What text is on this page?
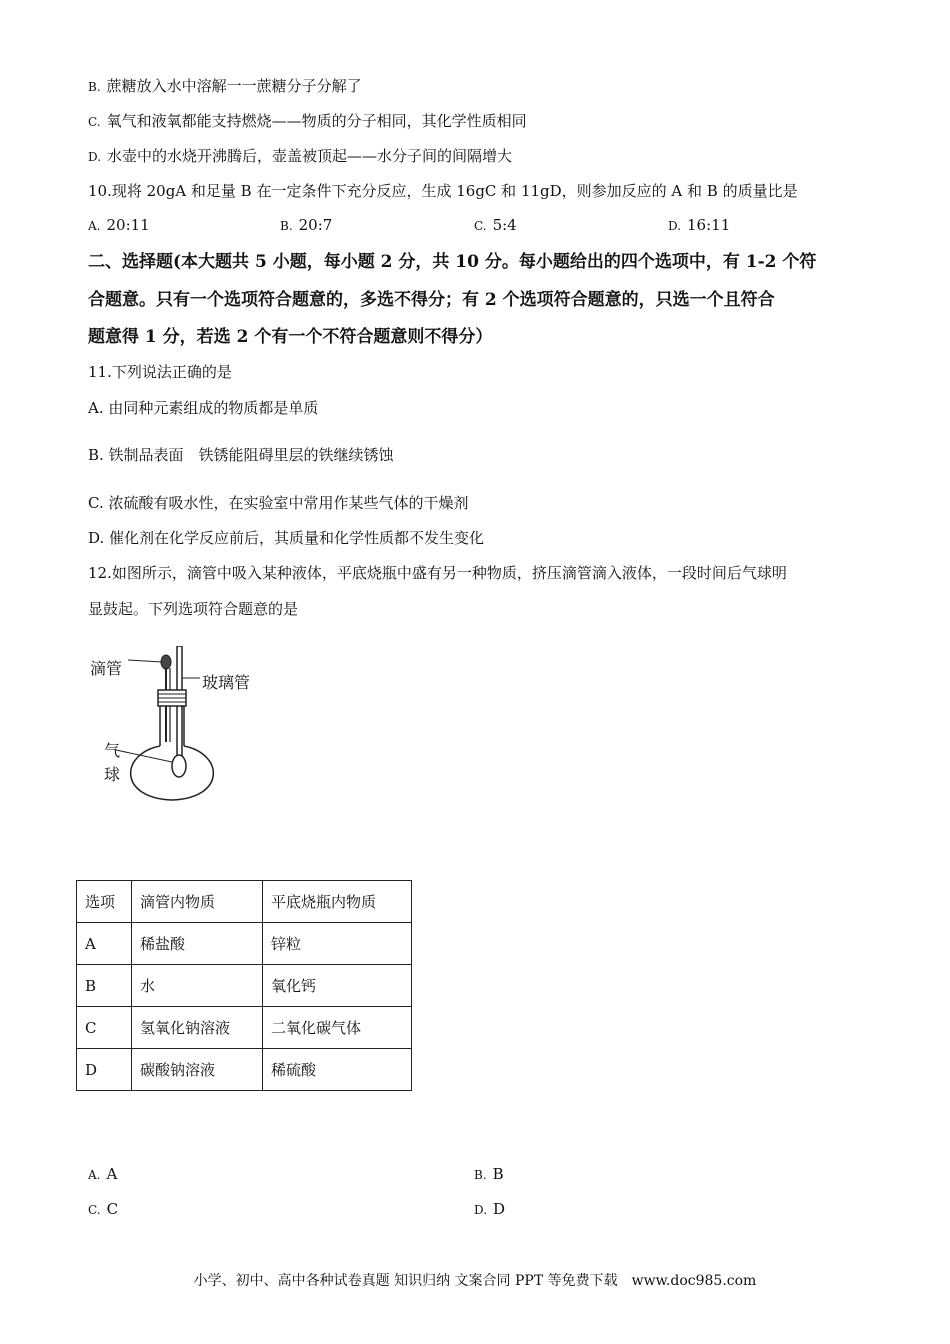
B. 蔗糖放入水中溶解一一蔗糖分子分解了
C. 氧气和液氧都能支持燃烧——物质的分子相同，其化学性质相同
D. 水壶中的水烧开沸腾后，壶盖被顶起——水分子间的间隔增大
10.现将 20gA 和足量 B 在一定条件下充分反应，生成 16gC 和 11gD，则参加反应的 A 和 B 的质量比是
A. 20:11	B. 20:7	C. 5:4	D. 16:11
二、选择题(本大题共 5 小题，每小题 2 分，共 10 分。每小题给出的四个选项中，有 1-2 个符
合题意。只有一个选项符合题意的，多选不得分；有 2 个选项符合题意的，只选一个且符合
题意得 1 分，若选 2 个有一个不符合题意则不得分）
11.下列说法正确的是
A. 由同种元素组成的物质都是单质
B. 铁制品表面　铁锈能阻碍里层的铁继续锈蚀
C. 浓硫酸有吸水性，在实验室中常用作某些气体的干燥剂
D. 催化剂在化学反应前后，其质量和化学性质都不发生变化
12.如图所示，滴管中吸入某种液体，平底烧瓶中盛有另一种物质，挤压滴管滴入液体，一段时间后气球明
显鼓起。下列选项符合题意的是
滴管
玻璃管
气
球
选项	滴管内物质	平底烧瓶内物质
A	稀盐酸	锌粒
B	水	氧化钙
C	氢氧化钠溶液	二氧化碳气体
D	碳酸钠溶液	稀硫酸
A. A	B. B
C. C	D. D
小学、初中、高中各种试卷真题 知识归纳 文案合同 PPT 等免费下载　www.doc985.com
